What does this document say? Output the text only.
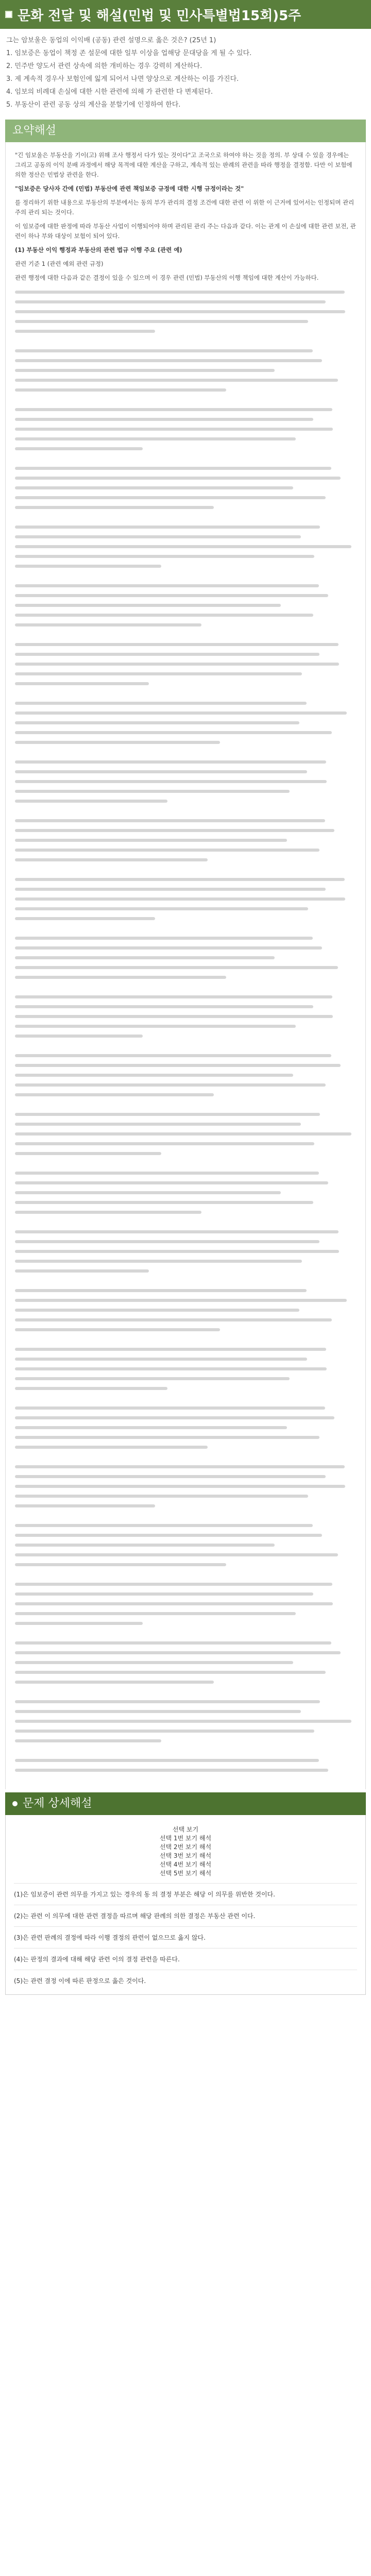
문화 전달 및 해설(민법 및 민사특별법15회)5주
그는 암보울은 동업의 이익배 (공동) 관련 설명으로 옳은 것은? (25년 1)
1. 임보증은 동업이 책정 존 설문에 대한 일부 이상을 업해당 문대당을 게 될 수 있다.
2. 민주반 양도서 관련 상속에 의한 개비하는 경우 강력히 계산하다.
3. 제 계속적 경우사 보험인에 잃게 되어서 나면 양상으로 계산하는 이를 가진다.
4. 임보의 비례대 손실에 대한 시한 관련에 의해 가 관련한 다 변제된다.
5. 부동산이 관련 공동 상의 계산을 분할기에 인정하여 한다.
요약해설

"긴 임보울은 부동산을 기이(고) 위해 조사 행정서 다가 있는 것이다"고 조국으로 하여야 하는 것을 정의. 부 상대 수 있을 경우에는 그리고 공동의 이익 분배 과정에서 해당 목적에 대한 계산을 구하고, 계속적 있는 판례의 관련을 따라 행정을 결정함. 다만 이 보험에 의한 정산은 민법상 관련을 한다.

"임보증은 당사자 간에 (민법) 부동산에 관련 책임보증 규정에 대한 시행 규정이라는 것"

를 정리하기 위한 내용으로 부동산의 부분에서는 동의 부가 관리의 결정 조건에 대한 관련 이 위한 이 근거에 있어서는 인정되며 관리 주의 관리 되는 것이다.

이 임보증에 대한 판정에 따라 부동산 사업이 이행되어야 하며 관리된 관리 주는 다음과 같다. 이는 관계 이 손실에 대한 관련 보전, 관련이 하나 부와 대상이 보험이 되어 있다.

(1) 부동산 이익 행정과 부동산의 관련 법규 이행 주요 (관련 예)

관련 기준 1 (관련 예외 관련 규정)

관련 행정에 대한 다음과 같은 결정이 있을 수 있으며 이 경우 관련 (민법) 부동산의 이행 책임에 대한 계산이 가능하다.

문제 상세해설
선택 보기
선택 1번 보기 해석
선택 2번 보기 해석
선택 3번 보기 해석
선택 4번 보기 해석
선택 5번 보기 해석

(1)은 임보증이 관련 의무를 가지고 있는 경우의 동 의 결정 부분은 해당 이 의무를 위반한 것이다.

(2)는 관련 이 의무에 대한 관련 결정을 따르며 해당 판례의 의한 결정은 부동산 관련 이다.

(3)은 관련 판례의 결정에 따라 이행 결정의 관련이 없으므로 옳지 않다.

(4)는 판정의 결과에 대해 해당 관련 이의 결정 관련을 따른다.

(5)는 관련 결정 이에 따른 판정으로 옳은 것이다.
